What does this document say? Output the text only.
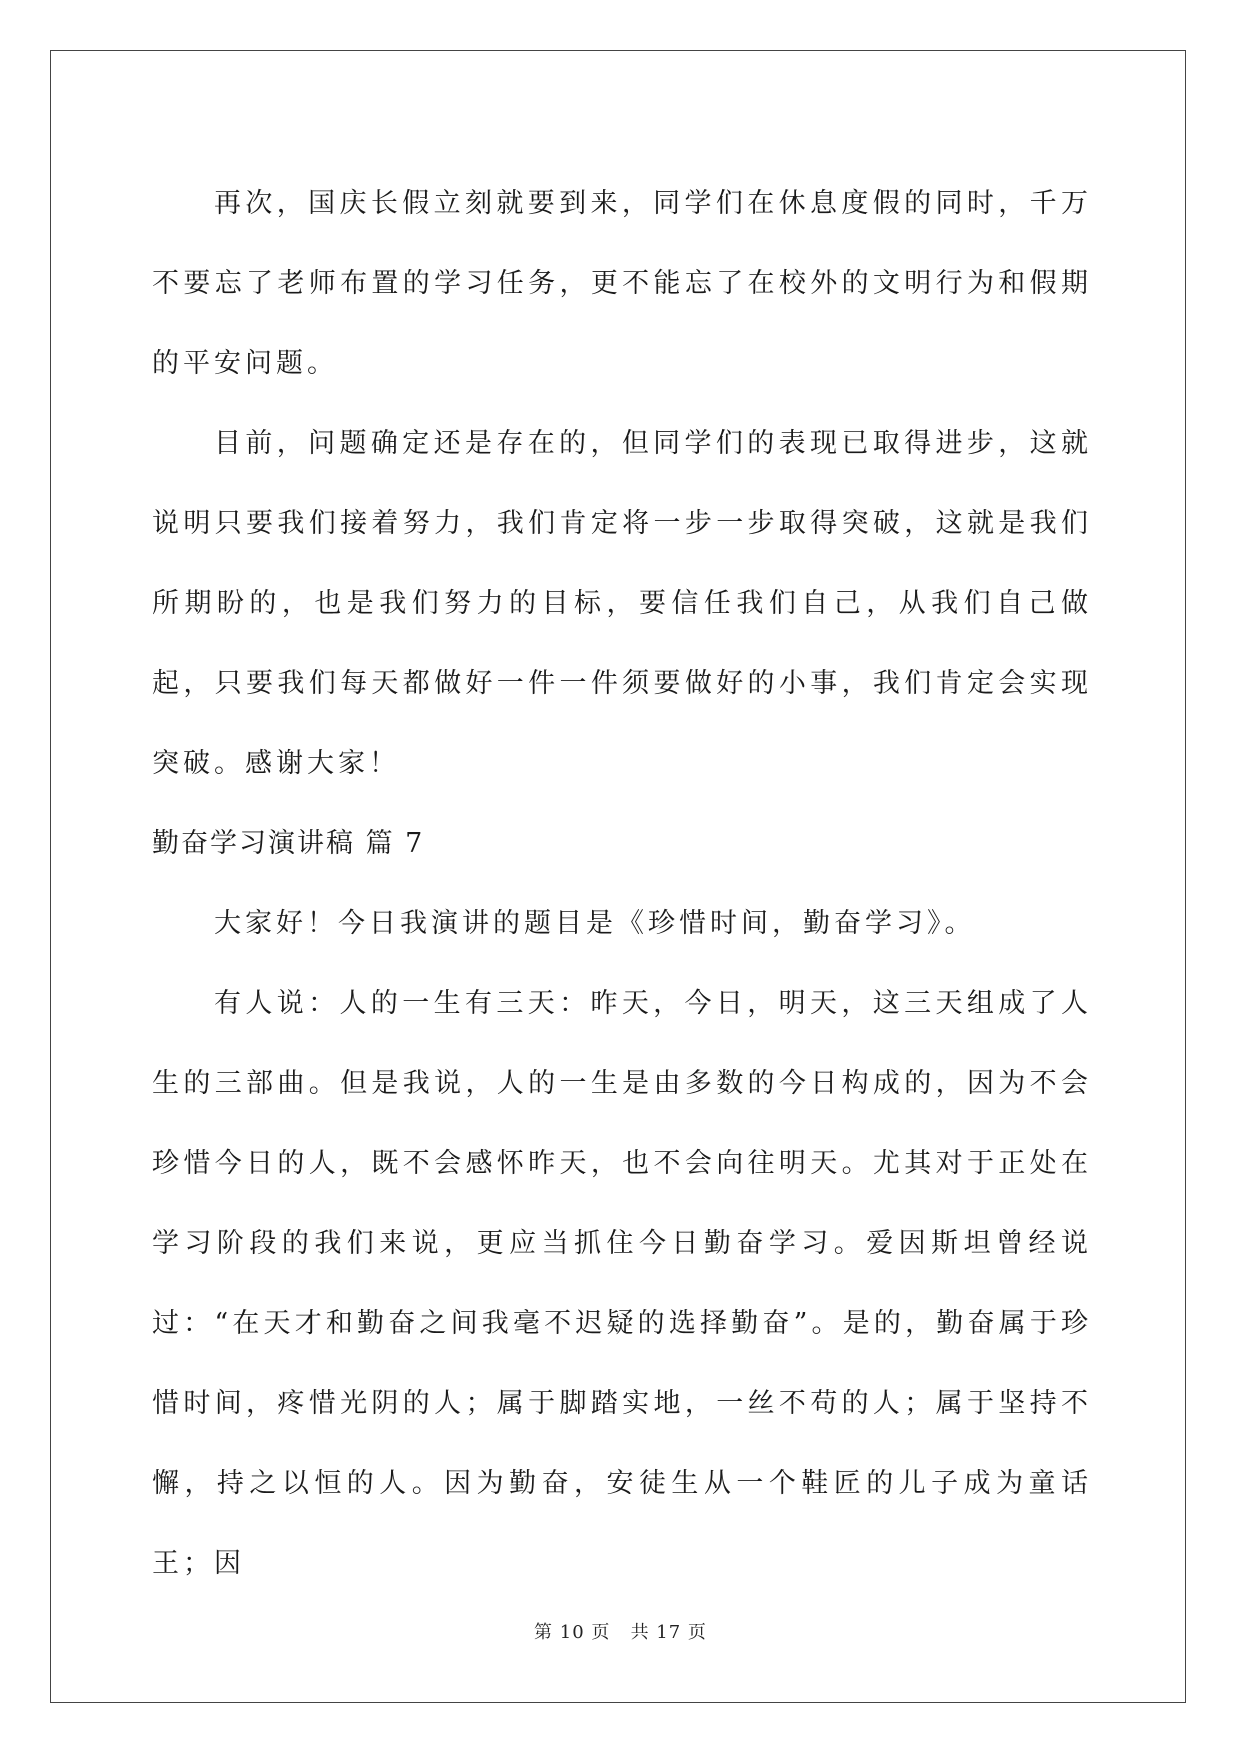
再次，国庆长假立刻就要到来，同学们在休息度假的同时，千万不要忘了老师布置的学习任务，更不能忘了在校外的文明行为和假期的平安问题。

目前，问题确定还是存在的，但同学们的表现已取得进步，这就说明只要我们接着努力，我们肯定将一步一步取得突破，这就是我们所期盼的，也是我们努力的目标，要信任我们自己，从我们自己做起，只要我们每天都做好一件一件须要做好的小事，我们肯定会实现突破。感谢大家！

勤奋学习演讲稿 篇 7

大家好！今日我演讲的题目是《珍惜时间，勤奋学习》。

有人说：人的一生有三天：昨天，今日，明天，这三天组成了人生的三部曲。但是我说，人的一生是由多数的今日构成的，因为不会珍惜今日的人，既不会感怀昨天，也不会向往明天。尤其对于正处在学习阶段的我们来说，更应当抓住今日勤奋学习。爱因斯坦曾经说过：“在天才和勤奋之间我毫不迟疑的选择勤奋”。是的，勤奋属于珍惜时间，疼惜光阴的人；属于脚踏实地，一丝不苟的人；属于坚持不懈，持之以恒的人。因为勤奋，安徒生从一个鞋匠的儿子成为童话王；因

第 10 页 共 17 页
